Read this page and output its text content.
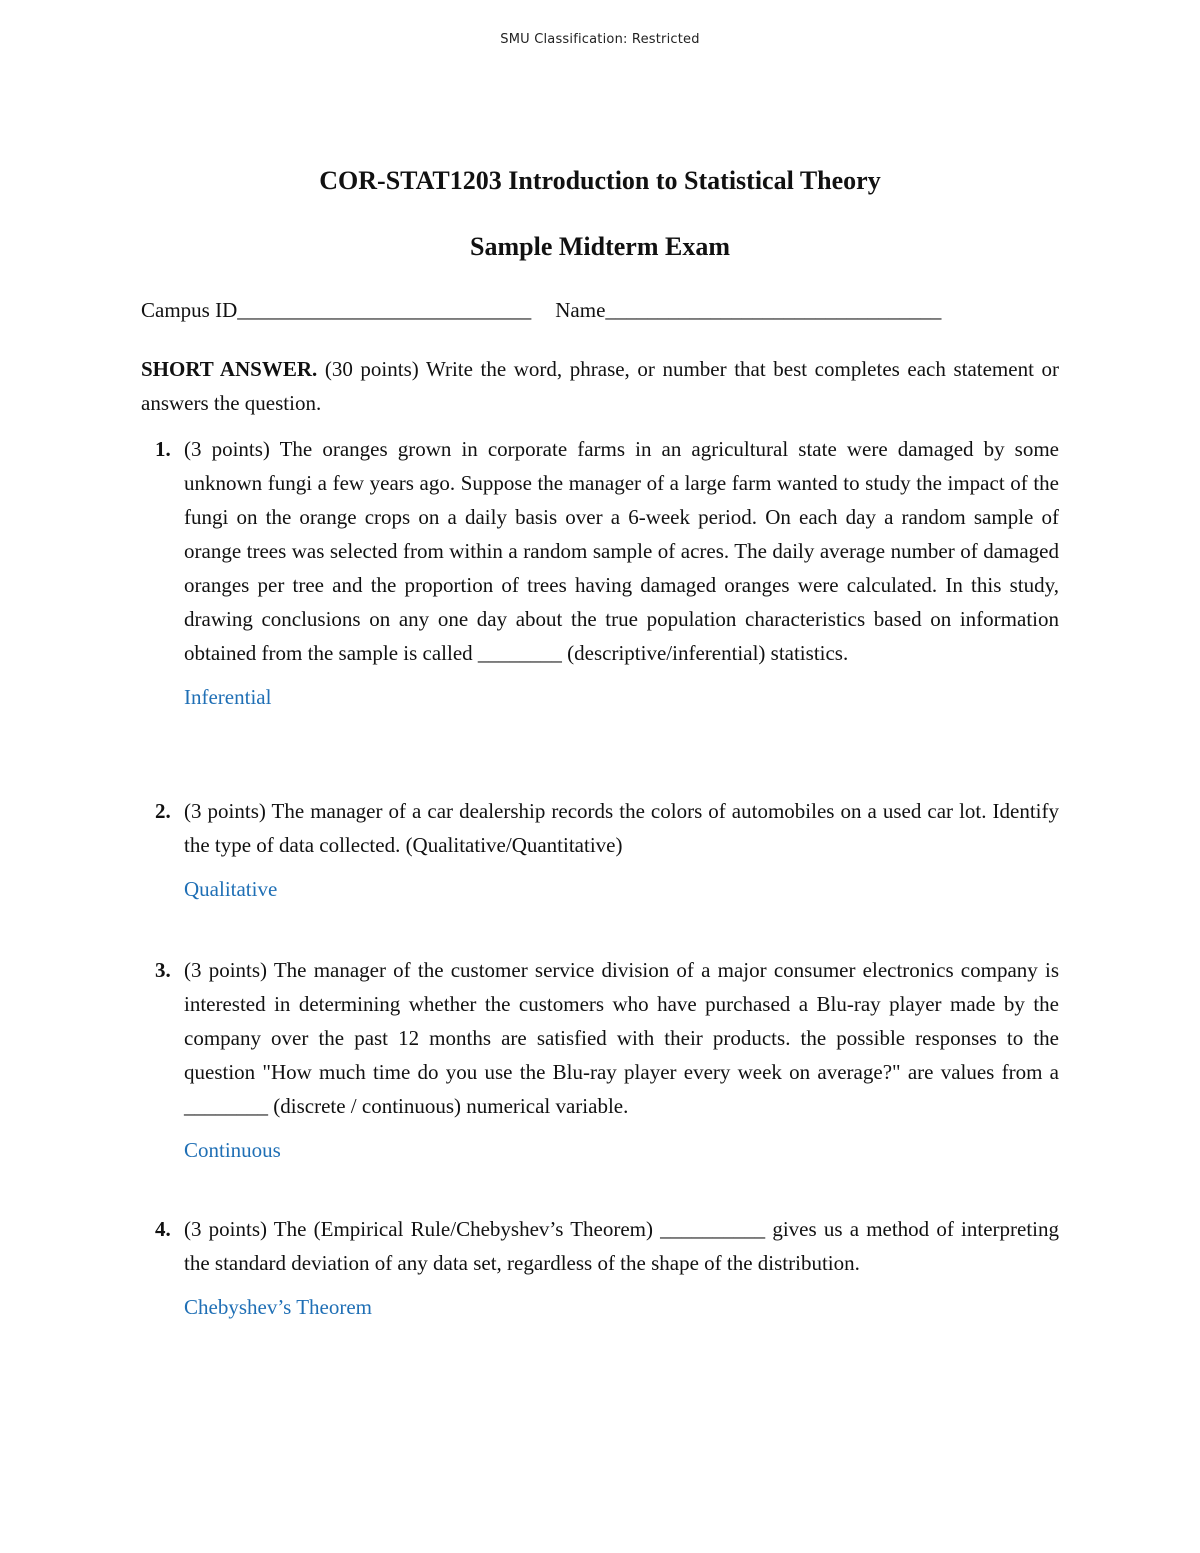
SMU Classification: Restricted
COR-STAT1203 Introduction to Statistical Theory
Sample Midterm Exam
Campus ID____________________________ Name________________________________
SHORT ANSWER. (30 points) Write the word, phrase, or number that best completes each statement or answers the question.
1. (3 points) The oranges grown in corporate farms in an agricultural state were damaged by some unknown fungi a few years ago. Suppose the manager of a large farm wanted to study the impact of the fungi on the orange crops on a daily basis over a 6-week period. On each day a random sample of orange trees was selected from within a random sample of acres. The daily average number of damaged oranges per tree and the proportion of trees having damaged oranges were calculated. In this study, drawing conclusions on any one day about the true population characteristics based on information obtained from the sample is called ________ (descriptive/inferential) statistics.
Inferential
2. (3 points) The manager of a car dealership records the colors of automobiles on a used car lot. Identify the type of data collected. (Qualitative/Quantitative)
Qualitative
3. (3 points) The manager of the customer service division of a major consumer electronics company is interested in determining whether the customers who have purchased a Blu-ray player made by the company over the past 12 months are satisfied with their products. the possible responses to the question "How much time do you use the Blu-ray player every week on average?" are values from a ________ (discrete / continuous) numerical variable.
Continuous
4. (3 points) The (Empirical Rule/Chebyshev’s Theorem) __________ gives us a method of interpreting the standard deviation of any data set, regardless of the shape of the distribution.
Chebyshev’s Theorem
